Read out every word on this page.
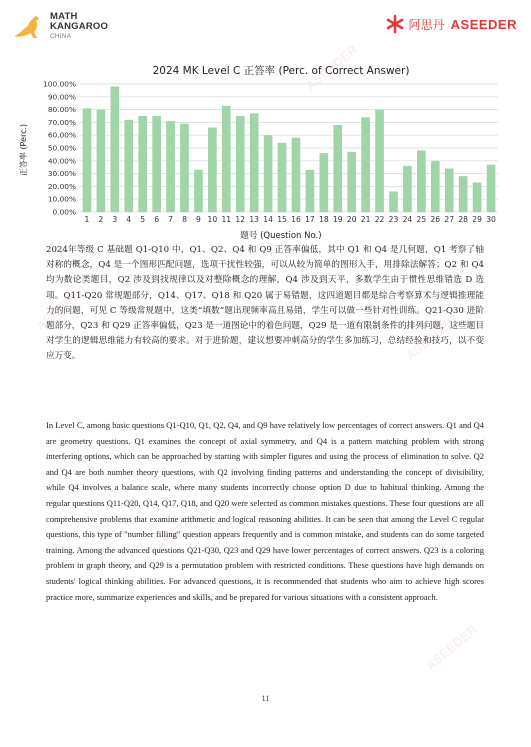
ASEEDER
ASEEDER
ASEEDER
ASEEDER
ASEEDER
MATH
KANGAROO
CHINA
阿思丹 ASEEDER
2024 MK Level C 正答率 (Perc. of Correct Answer)
正答率 (Perc.)
题号 (Question No.)
0.00%
10.00%
20.00%
30.00%
40.00%
50.00%
60.00%
70.00%
80.00%
90.00%
100.00%
1 2 3 4 5 6 7 8 9 10 11 12 13 14 15 16 17 18 19 20 21 22 23 24 25 26 27 28 29 30

2024年等级 C 基础题 Q1-Q10 中，Q1、Q2、Q4 和 Q9 正答率偏低，其中 Q1 和 Q4 是几何题，Q1 考察了轴对称的概念，Q4 是一个图形匹配问题，选项干扰性较强，可以从较为简单的图形入手，用排除法解答；Q2 和 Q4 均为数论类题目，Q2 涉及到找规律以及对整除概念的理解，Q4 涉及到天平，多数学生由于惯性思维错选 D 选项。Q11-Q20 常规题部分，Q14、Q17、Q18 和 Q20 属于易错题，这四道题目都是综合考察算术与逻辑推理能力的问题，可见 C 等级常规题中，这类“填数”题出现频率高且易错，学生可以做一些针对性训练。Q21-Q30 进阶题部分，Q23 和 Q29 正答率偏低，Q23 是一道图论中的着色问题，Q29 是一道有限制条件的排列问题，这些题目对学生的逻辑思维能力有较高的要求。对于进阶题，建议想要冲刺高分的学生多加练习，总结经验和技巧，以不变应万变。

In Level C, among basic questions Q1-Q10, Q1, Q2, Q4, and Q9 have relatively low percentages of correct answers. Q1 and Q4 are geometry questions. Q1 examines the concept of axial symmetry, and Q4 is a pattern matching problem with strong interfering options, which can be approached by starting with simpler figures and using the process of elimination to solve. Q2 and Q4 are both number theory questions, with Q2 involving finding patterns and understanding the concept of divisibility, while Q4 involves a balance scale, where many students incorrectly choose option D due to habitual thinking. Among the regular questions Q11-Q20, Q14, Q17, Q18, and Q20 were selected as common mistakes questions. These four questions are all comprehensive problems that examine arithmetic and logical reasoning abilities. It can be seen that among the Level C regular questions, this type of "number filling" question appears frequently and is common mistake, and students can do some targeted training. Among the advanced questions Q21-Q30, Q23 and Q29 have lower percentages of correct answers. Q23 is a coloring problem in graph theory, and Q29 is a permutation problem with restricted conditions. These questions have high demands on students' logical thinking abilities. For advanced questions, it is recommended that students who aim to achieve high scores practice more, summarize experiences and skills, and be prepared for various situations with a consistent approach.

11
